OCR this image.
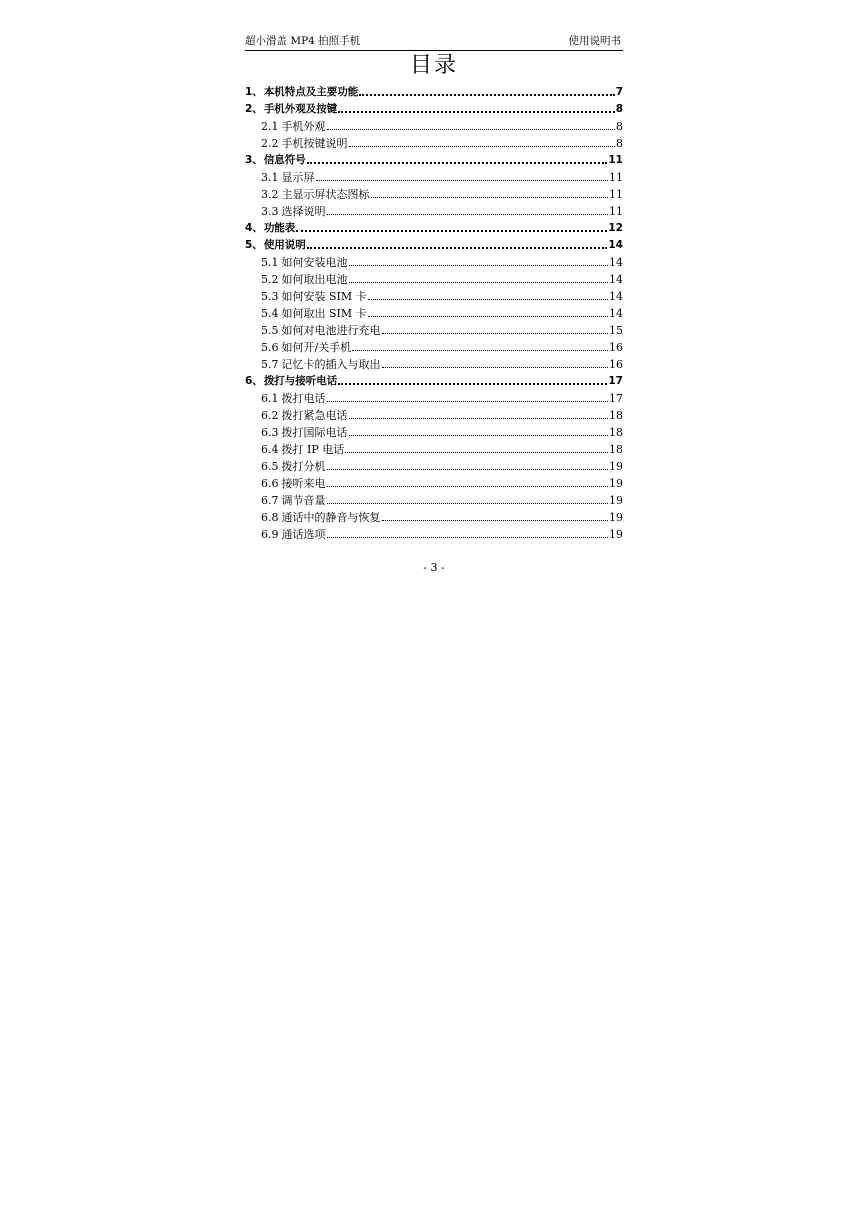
超小滑盖 MP4 拍照手机	使用说明书
目录
1、 本机特点及主要功能	7
2、 手机外观及按键	8
2.1 手机外观	8
2.2 手机按键说明	8
3、 信息符号	11
3.1 显示屏	11
3.2 主显示屏状态图标	11
3.3 选择说明	11
4、 功能表	12
5、 使用说明	14
5.1 如何安装电池	14
5.2 如何取出电池	14
5.3 如何安装 SIM 卡	14
5.4 如何取出 SIM 卡	14
5.5 如何对电池进行充电	15
5.6 如何开/关手机	16
5.7 记忆卡的插入与取出	16
6、 拨打与接听电话	17
6.1 拨打电话	17
6.2 拨打紧急电话	18
6.3 拨打国际电话	18
6.4 拨打 IP 电话	18
6.5 拨打分机	19
6.6 接听来电	19
6.7 调节音量	19
6.8 通话中的静音与恢复	19
6.9 通话选项	19
- 3 -
